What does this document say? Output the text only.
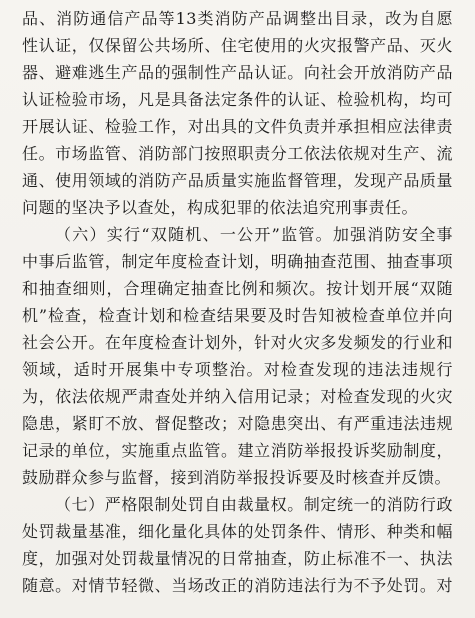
品、消防通信产品等13类消防产品调整出目录，改为自愿
性认证，仅保留公共场所、住宅使用的火灾报警产品、灭火
器、避难逃生产品的强制性产品认证。向社会开放消防产品
认证检验市场，凡是具备法定条件的认证、检验机构，均可
开展认证、检验工作，对出具的文件负责并承担相应法律责
任。市场监管、消防部门按照职责分工依法依规对生产、流
通、使用领域的消防产品质量实施监督管理，发现产品质量
问题的坚决予以查处，构成犯罪的依法追究刑事责任。
（六）实行“双随机、一公开”监管。加强消防安全事
中事后监管，制定年度检查计划，明确抽查范围、抽查事项
和抽查细则，合理确定抽查比例和频次。按计划开展“双随
机”检查，检查计划和检查结果要及时告知被检查单位并向
社会公开。在年度检查计划外，针对火灾多发频发的行业和
领域，适时开展集中专项整治。对检查发现的违法违规行
为，依法依规严肃查处并纳入信用记录；对检查发现的火灾
隐患，紧盯不放、督促整改；对隐患突出、有严重违法违规
记录的单位，实施重点监管。建立消防举报投诉奖励制度，
鼓励群众参与监督，接到消防举报投诉要及时核查并反馈。
（七）严格限制处罚自由裁量权。制定统一的消防行政
处罚裁量基准，细化量化具体的处罚条件、情形、种类和幅
度，加强对处罚裁量情况的日常抽查，防止标准不一、执法
随意。对情节轻微、当场改正的消防违法行为不予处罚。对
